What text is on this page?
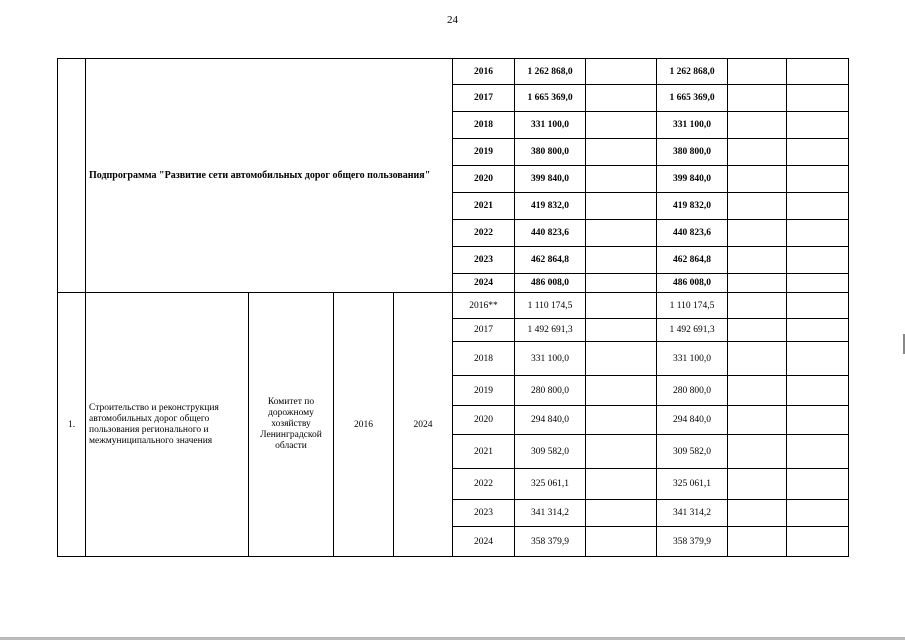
24
	Подпрограмма "Развитие сети автомобильных дорог общего пользования"				2016	1 262 868,0		1 262 868,0		
					2017	1 665 369,0		1 665 369,0		
					2018	331 100,0		331 100,0		
					2019	380 800,0		380 800,0		
					2020	399 840,0		399 840,0		
					2021	419 832,0		419 832,0		
					2022	440 823,6		440 823,6		
					2023	462 864,8		462 864,8		
					2024	486 008,0		486 008,0		
1.	Строительство и реконструкция автомобильных дорог общего пользования регионального и межмуниципального значения	Комитет по дорожному хозяйству Ленинградской области	2016	2024	2016**	1 110 174,5		1 110 174,5		
					2017	1 492 691,3		1 492 691,3		
					2018	331 100,0		331 100,0		
					2019	280 800,0		280 800,0		
					2020	294 840,0		294 840,0		
					2021	309 582,0		309 582,0		
					2022	325 061,1		325 061,1		
					2023	341 314,2		341 314,2		
					2024	358 379,9		358 379,9		
